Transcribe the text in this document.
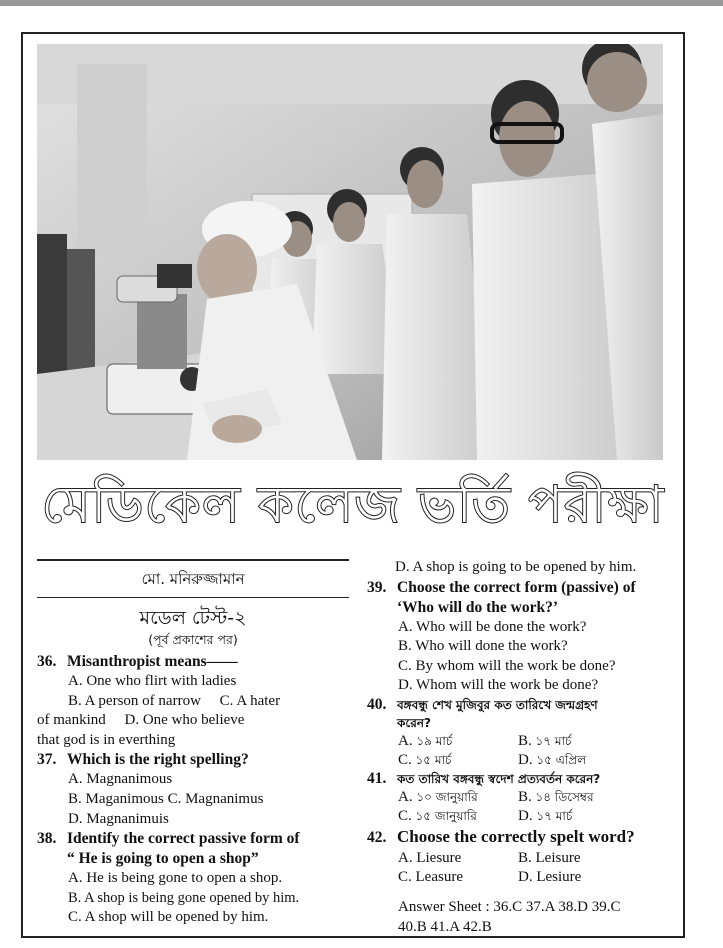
মেডিকেল কলেজ ভর্তি পরীক্ষা
মো. মনিরুজ্জামান
মডেল টেস্ট-২
(পূর্ব প্রকাশের পর)
36. Misanthropist means——
A. One who flirt with ladies
B. A person of narrow     C. A hater
of mankind     D. One who believe
that god is in everthing
37. Which is the right spelling?
A. Magnanimous
B. Maganimous C. Magnanimus
D. Magnanimuis
38. Identify the correct passive form of
“ He is going to open a shop”
A. He is being gone to open a shop.
B. A shop is being gone opened by him.
C. A shop will be opened by him.
D. A shop is going to be opened by him.
39. Choose the correct form (passive) of
‘Who will do the work?’
A. Who will be done the work?
B. Who will done the work?
C. By whom will the work be done?
D. Whom will the work be done?
40. বঙ্গবন্ধু শেখ মুজিবুর কত তারিখে জন্মগ্রহণ
করেন?
A. ১৯ মার্চ	B. ১৭ মার্চ
C. ১৫ মার্চ	D. ১৫ এপ্রিল
41. কত তারিখ বঙ্গবন্ধু স্বদেশ প্রত্যবর্তন করেন?
A. ১০ জানুয়ারি	B. ১৪ ডিসেম্বর
C. ১৫ জানুয়ারি	D. ১৭ মার্চ
42. Choose the correctly spelt word?
A. Liesure	B. Leisure
C. Leasure	D. Lesiure
Answer Sheet : 36.C 37.A 38.D 39.C
40.B 41.A 42.B
